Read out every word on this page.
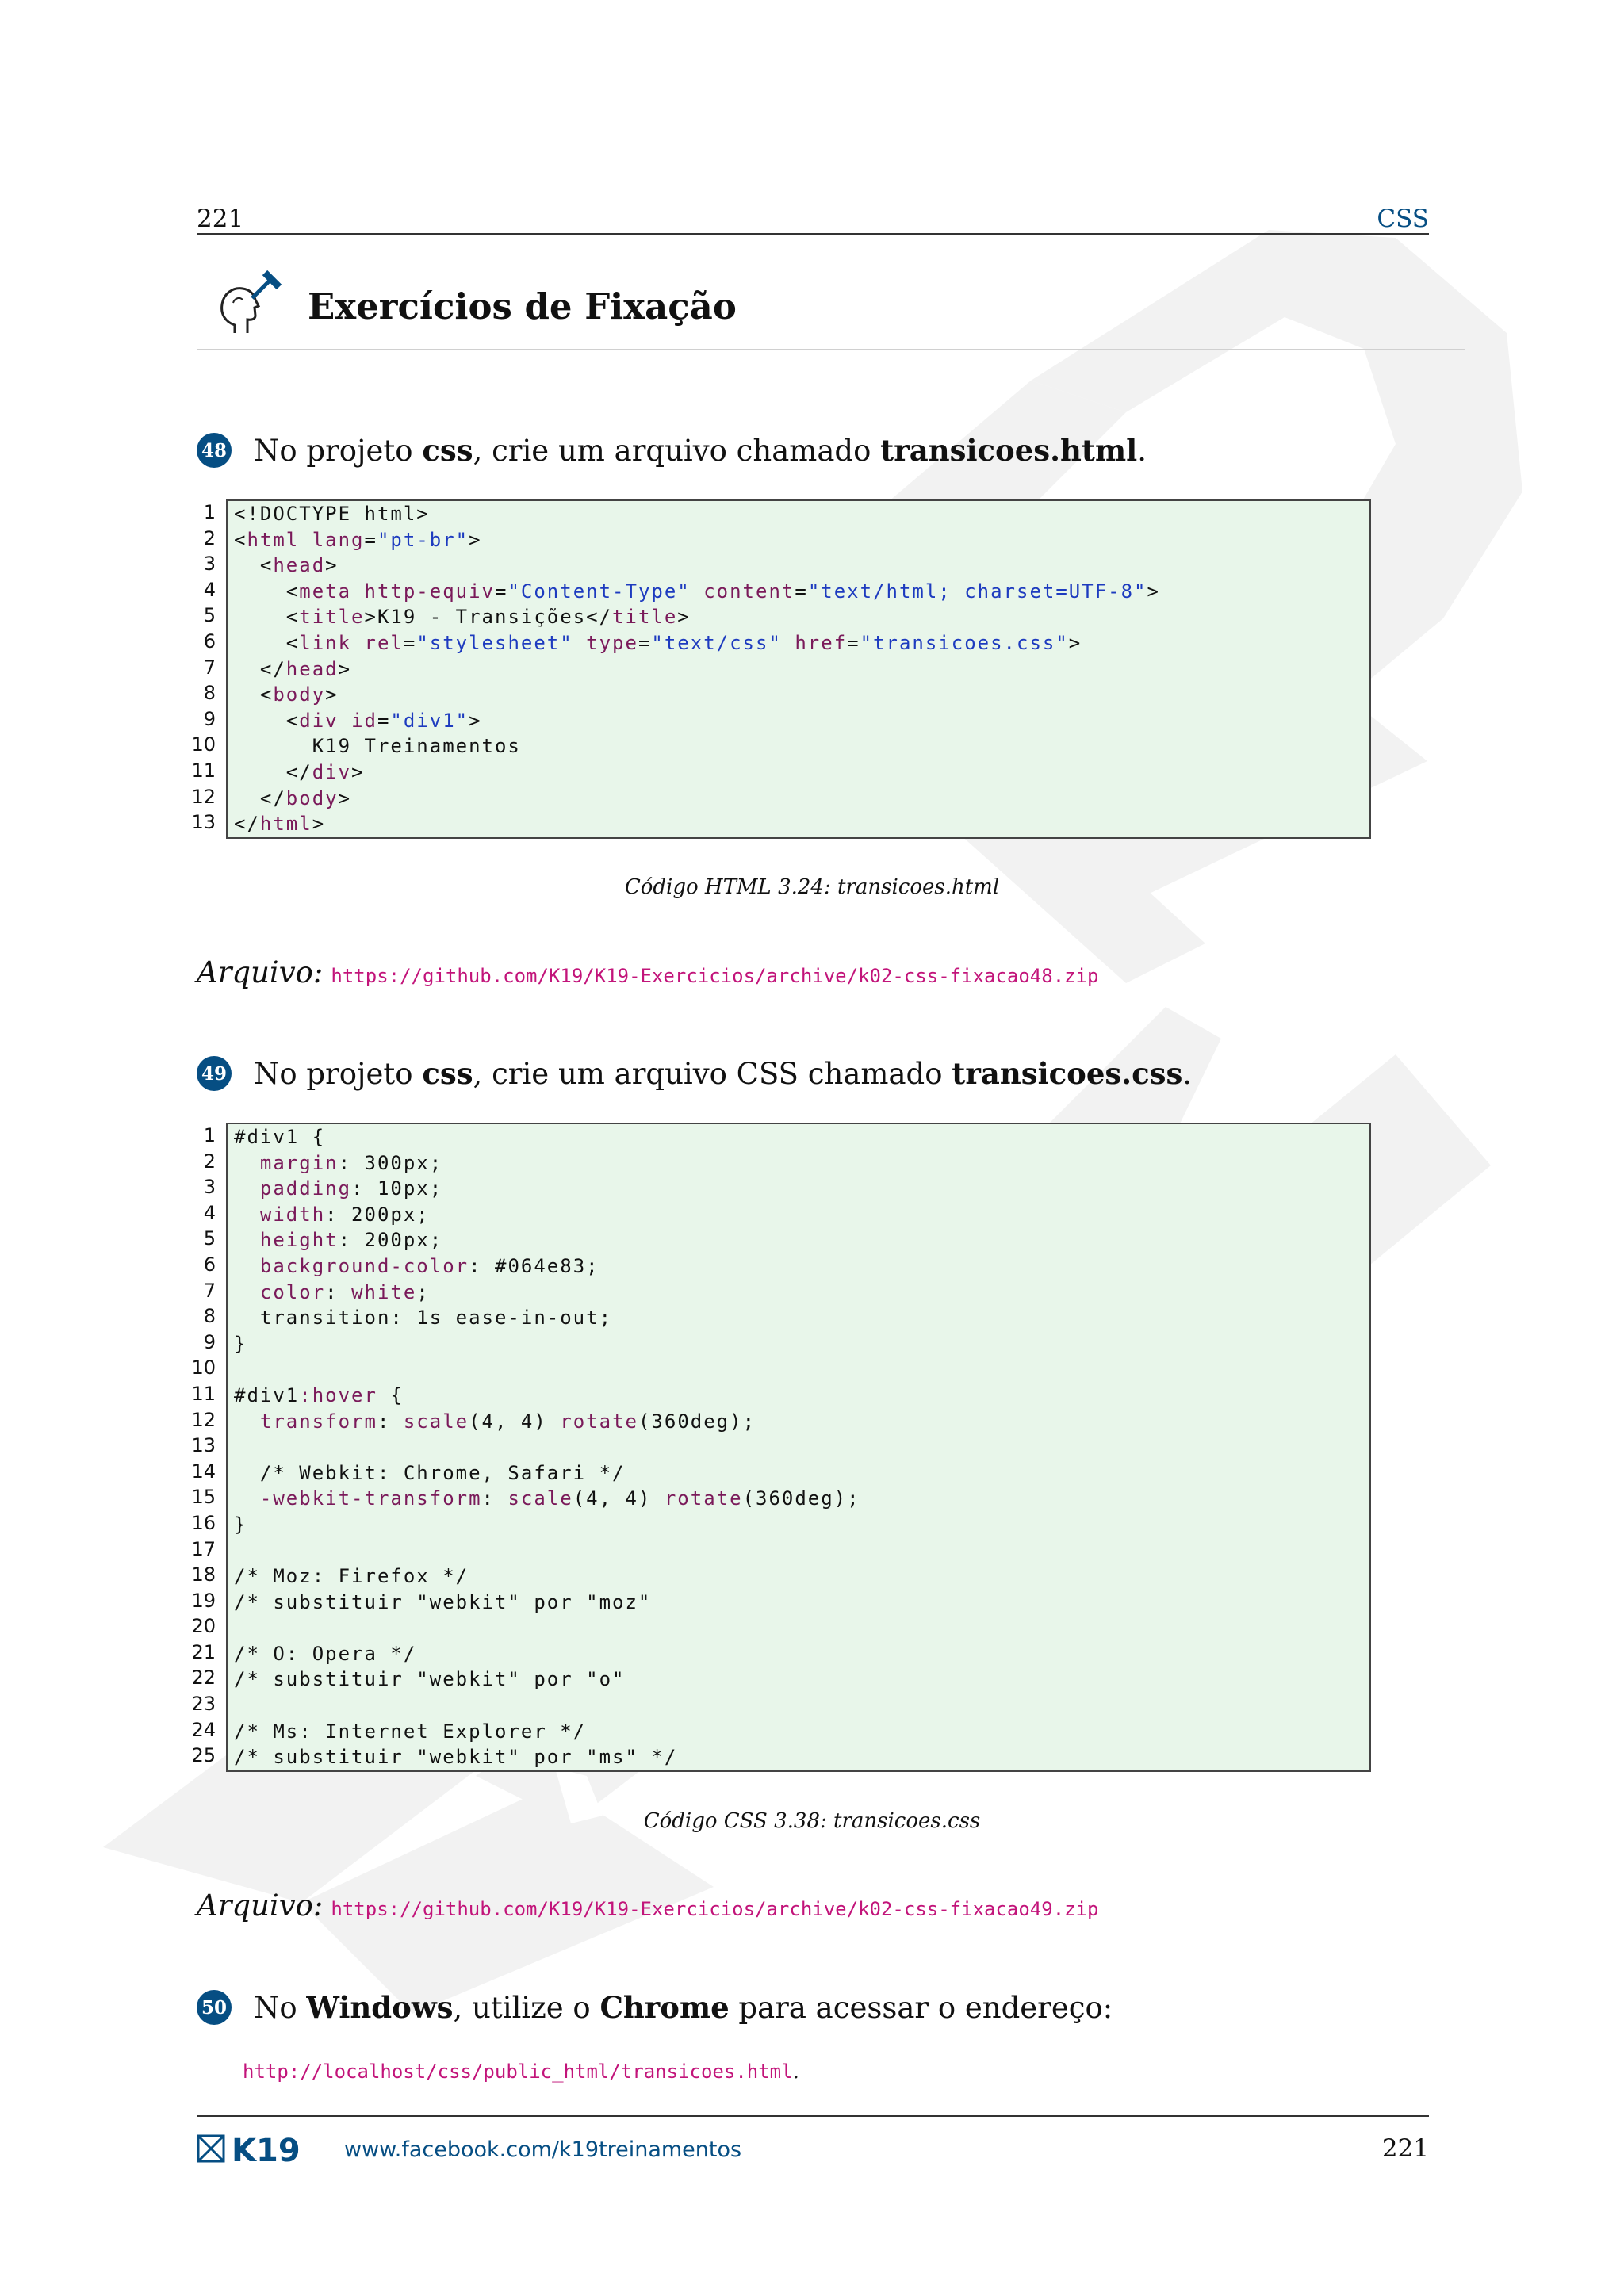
221	CSS
Exercícios de Fixação
48 No projeto css, crie um arquivo chamado transicoes.html.
1
2
3
4
5
6
7
8
9
10
11
12
13
<!DOCTYPE html>
<html lang="pt-br">
<head>
<meta http-equiv="Content-Type" content="text/html; charset=UTF-8">
<title>K19 - Transições</title>
<link rel="stylesheet" type="text/css" href="transicoes.css">
</head>
<body>
<div id="div1">
K19 Treinamentos
</div>
</body>
</html>
Código HTML 3.24: transicoes.html
Arquivo: https://github.com/K19/K19-Exercicios/archive/k02-css-fixacao48.zip
49 No projeto css, crie um arquivo CSS chamado transicoes.css.
1
2
3
4
5
6
7
8
9
10
11
12
13
14
15
16
17
18
19
20
21
22
23
24
25
#div1 {
margin: 300px;
padding: 10px;
width: 200px;
height: 200px;
background-color: #064e83;
color: white;
transition: 1s ease-in-out;
}
#div1:hover {
transform: scale(4, 4) rotate(360deg);
/* Webkit: Chrome, Safari */
-webkit-transform: scale(4, 4) rotate(360deg);
}
/* Moz: Firefox */
/* substituir "webkit" por "moz"
/* O: Opera */
/* substituir "webkit" por "o"
/* Ms: Internet Explorer */
/* substituir "webkit" por "ms" */
Código CSS 3.38: transicoes.css
Arquivo: https://github.com/K19/K19-Exercicios/archive/k02-css-fixacao49.zip
50 No Windows, utilize o Chrome para acessar o endereço:
http://localhost/css/public_html/transicoes.html.
K19 www.facebook.com/k19treinamentos	221
